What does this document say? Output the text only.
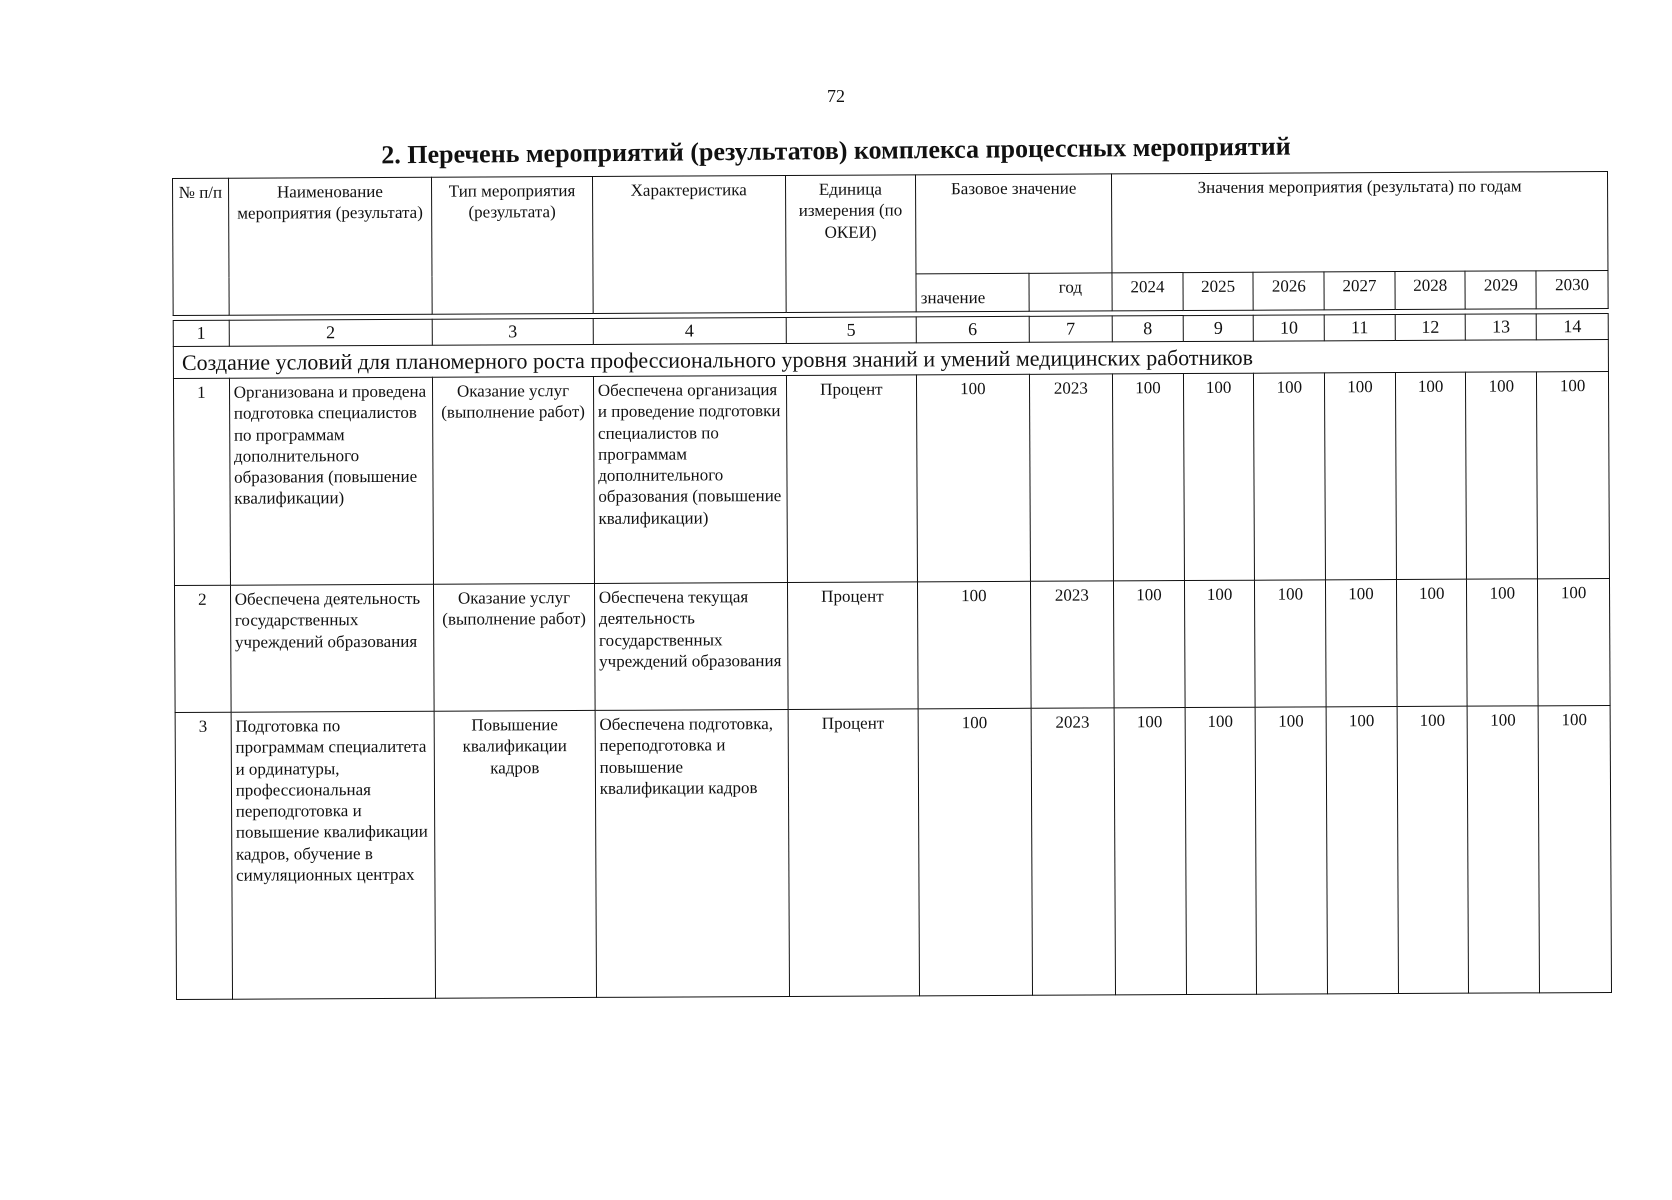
72
2. Перечень мероприятий (результатов) комплекса процессных мероприятий
№ п/п	Наименование мероприятия (результата)	Тип мероприятия (результата)	Характеристика	Единица измерения (по ОКЕИ)	Базовое значение		Значения мероприятия (результата) по годам						
					значение	год	2024	2025	2026	2027	2028	2029	2030

1	2	3	4	5	6	7	8	9	10	11	12	13	14
Создание условий для планомерного роста профессионального уровня знаний и умений медицинских работников													
1	Организована и проведена подготовка специалистов по программам дополнительного образования (повышение квалификации)	Оказание услуг (выполнение работ)	Обеспечена организация и проведение подготовки специалистов по программам дополнительного образования (повышение квалификации)	Процент	100	2023	100	100	100	100	100	100	100
2	Обеспечена деятельность государственных учреждений образования	Оказание услуг (выполнение работ)	Обеспечена текущая деятельность государственных учреждений образования	Процент	100	2023	100	100	100	100	100	100	100
3	Подготовка по программам специалитета и ординатуры, профессиональная переподготовка и повышение квалификации кадров, обучение в симуляционных центрах	Повышение квалификации кадров	Обеспечена подготовка, переподготовка и повышение квалификации кадров	Процент	100	2023	100	100	100	100	100	100	100
